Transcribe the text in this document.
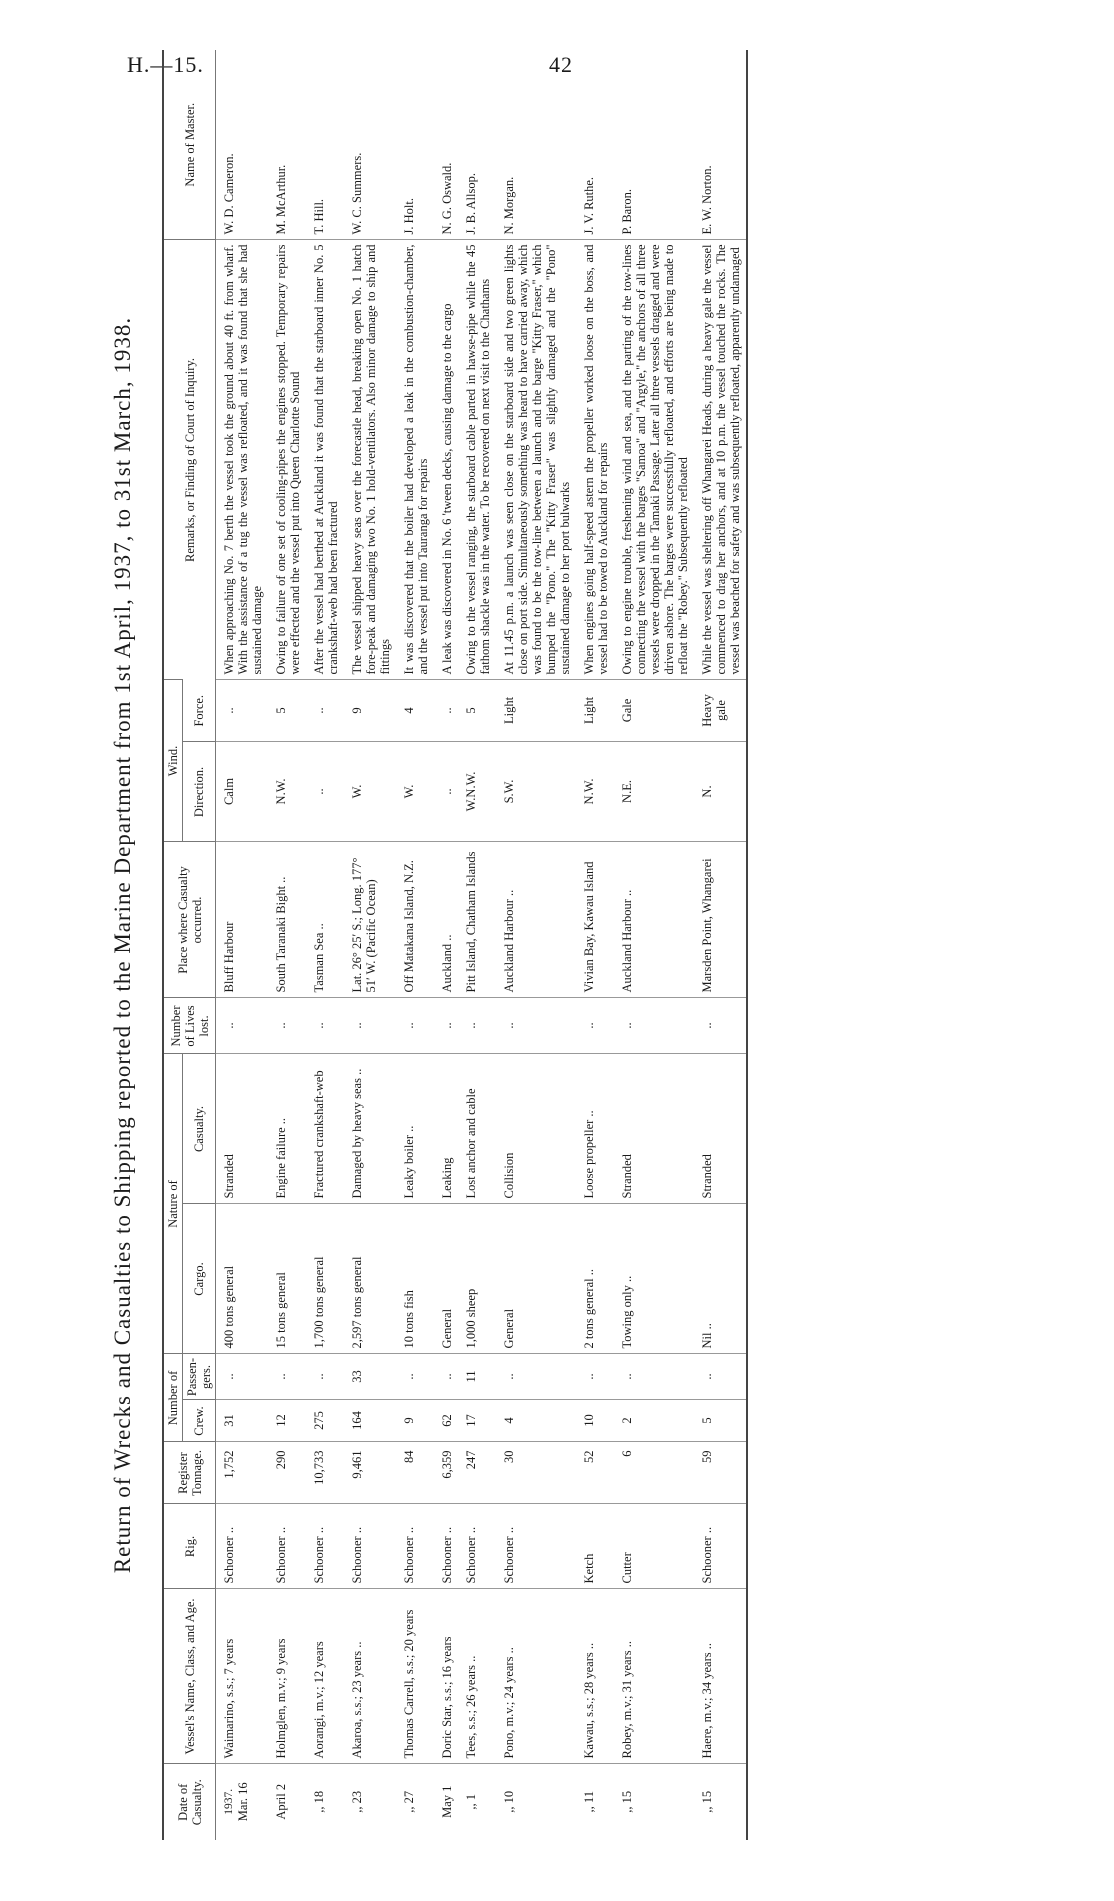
H.—15.	42
Return of Wrecks and Casualties to Shipping reported to the Marine Department from 1st April, 1937, to 31st March, 1938.
Date of Casualty.	Vessel's Name, Class, and Age.	Rig.	Register Tonnage.	Number of		Nature of		Number of Lives lost.	Place where Casualty occurred.	Wind.		Remarks, or Finding of Court of Inquiry.	Name of Master.
				Crew.	Passen-gers.	Cargo.	Casualty.			Direction.	Force.		

1937. Mar. 16	Waimarino, s.s.; 7 years	Schooner ..	1,752	31	..	400 tons general	Stranded	..	Bluff Harbour	Calm	..	When approaching No. 7 berth the vessel took the ground about 40 ft. from wharf. With the assistance of a tug the vessel was refloated, and it was found that she had sustained damage	W. D. Cameron.
April 2	Holmglen, m.v.; 9 years	Schooner ..	290	12	..	15 tons general	Engine failure ..	..	South Taranaki Bight ..	N.W.	5	Owing to failure of one set of cooling-pipes the engines stopped. Temporary repairs were effected and the vessel put into Queen Charlotte Sound	M. McArthur.
,, 18	Aorangi, m.v.; 12 years	Schooner ..	10,733	275	..	1,700 tons general	Fractured crankshaft-web	..	Tasman Sea ..	..	..	After the vessel had berthed at Auckland it was found that the starboard inner No. 5 crankshaft-web had been fractured	T. Hill.
,, 23	Akaroa, s.s.; 23 years ..	Schooner ..	9,461	164	33	2,597 tons general	Damaged by heavy seas ..	..	Lat. 26° 25′ S.; Long. 177° 51′ W. (Pacific Ocean)	W.	9	The vessel shipped heavy seas over the forecastle head, breaking open No. 1 hatch fore-peak and damaging two No. 1 hold-ventilators. Also minor damage to ship and fittings	W. C. Summers.
,, 27	Thomas Carrell, s.s.; 20 years	Schooner ..	84	9	..	10 tons fish	Leaky boiler ..	..	Off Matakana Island, N.Z.	W.	4	It was discovered that the boiler had developed a leak in the combustion-chamber, and the vessel put into Tauranga for repairs	J. Holt.
May 1	Doric Star, s.s.; 16 years	Schooner ..	6,359	62	..	General	Leaking	..	Auckland ..	..	..	A leak was discovered in No. 6 'tween decks, causing damage to the cargo	N. G. Oswald.
,, 1	Tees, s.s.; 26 years ..	Schooner ..	247	17	11	1,000 sheep	Lost anchor and cable	..	Pitt Island, Chatham Islands	W.N.W.	5	Owing to the vessel ranging, the starboard cable parted in hawse-pipe while the 45 fathom shackle was in the water. To be recovered on next visit to the Chathams	J. B. Allsop.
,, 10	Pono, m.v.; 24 years ..	Schooner ..	30	4	..	General	Collision	..	Auckland Harbour ..	S.W.	Light	At 11.45 p.m. a launch was seen close on the starboard side and two green lights close on port side. Simultaneously something was heard to have carried away, which was found to be the tow-line between a launch and the barge "Kitty Fraser," which bumped the "Pono." The "Kitty Fraser" was slightly damaged and the "Pono" sustained damage to her port bulwarks	N. Morgan.
,, 11	Kawau, s.s.; 28 years ..	Ketch	52	10	..	2 tons general ..	Loose propeller ..	..	Vivian Bay, Kawau Island	N.W.	Light	When engines going half-speed astern the propeller worked loose on the boss, and vessel had to be towed to Auckland for repairs	J. V. Ruthe.
,, 15	Robey, m.v.; 31 years ..	Cutter	6	2	..	Towing only ..	Stranded	..	Auckland Harbour ..	N.E.	Gale	Owing to engine trouble, freshening wind and sea, and the parting of the tow-lines connecting the vessel with the barges "Samoa" and "Argyle," the anchors of all three vessels were dropped in the Tamaki Passage. Later all three vessels dragged and were driven ashore. The barges were successfully refloated, and efforts are being made to refloat the "Robey." Subsequently refloated	P. Baron.
,, 15	Haere, m.v.; 34 years ..	Schooner ..	59	5	..	Nil ..	Stranded	..	Marsden Point, Whangarei	N.	Heavy gale	While the vessel was sheltering off Whangarei Heads, during a heavy gale the vessel commenced to drag her anchors, and at 10 p.m. the vessel touched the rocks. The vessel was beached for safety and was subsequently refloated, apparently undamaged	E. W. Norton.
